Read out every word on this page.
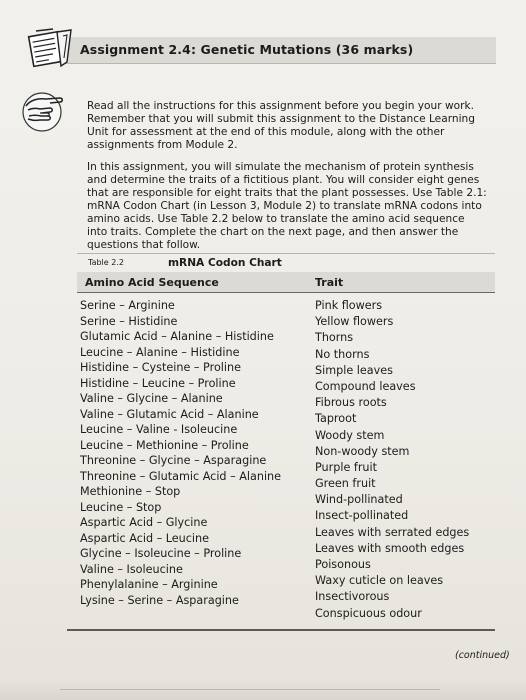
Assignment 2.4: Genetic Mutations (36 marks)

Read all the instructions for this assignment before you begin your work. Remember that you will submit this assignment to the Distance Learning Unit for assessment at the end of this module, along with the other assignments from Module 2.

In this assignment, you will simulate the mechanism of protein synthesis and determine the traits of a fictitious plant. You will consider eight genes that are responsible for eight traits that the plant possesses. Use Table 2.1: mRNA Codon Chart (in Lesson 3, Module 2) to translate mRNA codons into amino acids. Use Table 2.2 below to translate the amino acid sequence into traits. Complete the chart on the next page, and then answer the questions that follow.

Table 2.2	mRNA Codon Chart
Amino Acid Sequence	Trait
Serine – Arginine
Serine – Histidine
Glutamic Acid – Alanine – Histidine
Leucine – Alanine – Histidine
Histidine – Cysteine – Proline
Histidine – Leucine – Proline
Valine – Glycine – Alanine
Valine – Glutamic Acid – Alanine
Leucine – Valine - Isoleucine
Leucine – Methionine – Proline
Threonine – Glycine – Asparagine
Threonine – Glutamic Acid – Alanine
Methionine – Stop
Leucine – Stop
Aspartic Acid – Glycine
Aspartic Acid – Leucine
Glycine – Isoleucine – Proline
Valine – Isoleucine
Phenylalanine – Arginine
Lysine – Serine – Asparagine
Pink flowers
Yellow flowers
Thorns
No thorns
Simple leaves
Compound leaves
Fibrous roots
Taproot
Woody stem
Non-woody stem
Purple fruit
Green fruit
Wind-pollinated
Insect-pollinated
Leaves with serrated edges
Leaves with smooth edges
Poisonous
Waxy cuticle on leaves
Insectivorous
Conspicuous odour
(continued)
